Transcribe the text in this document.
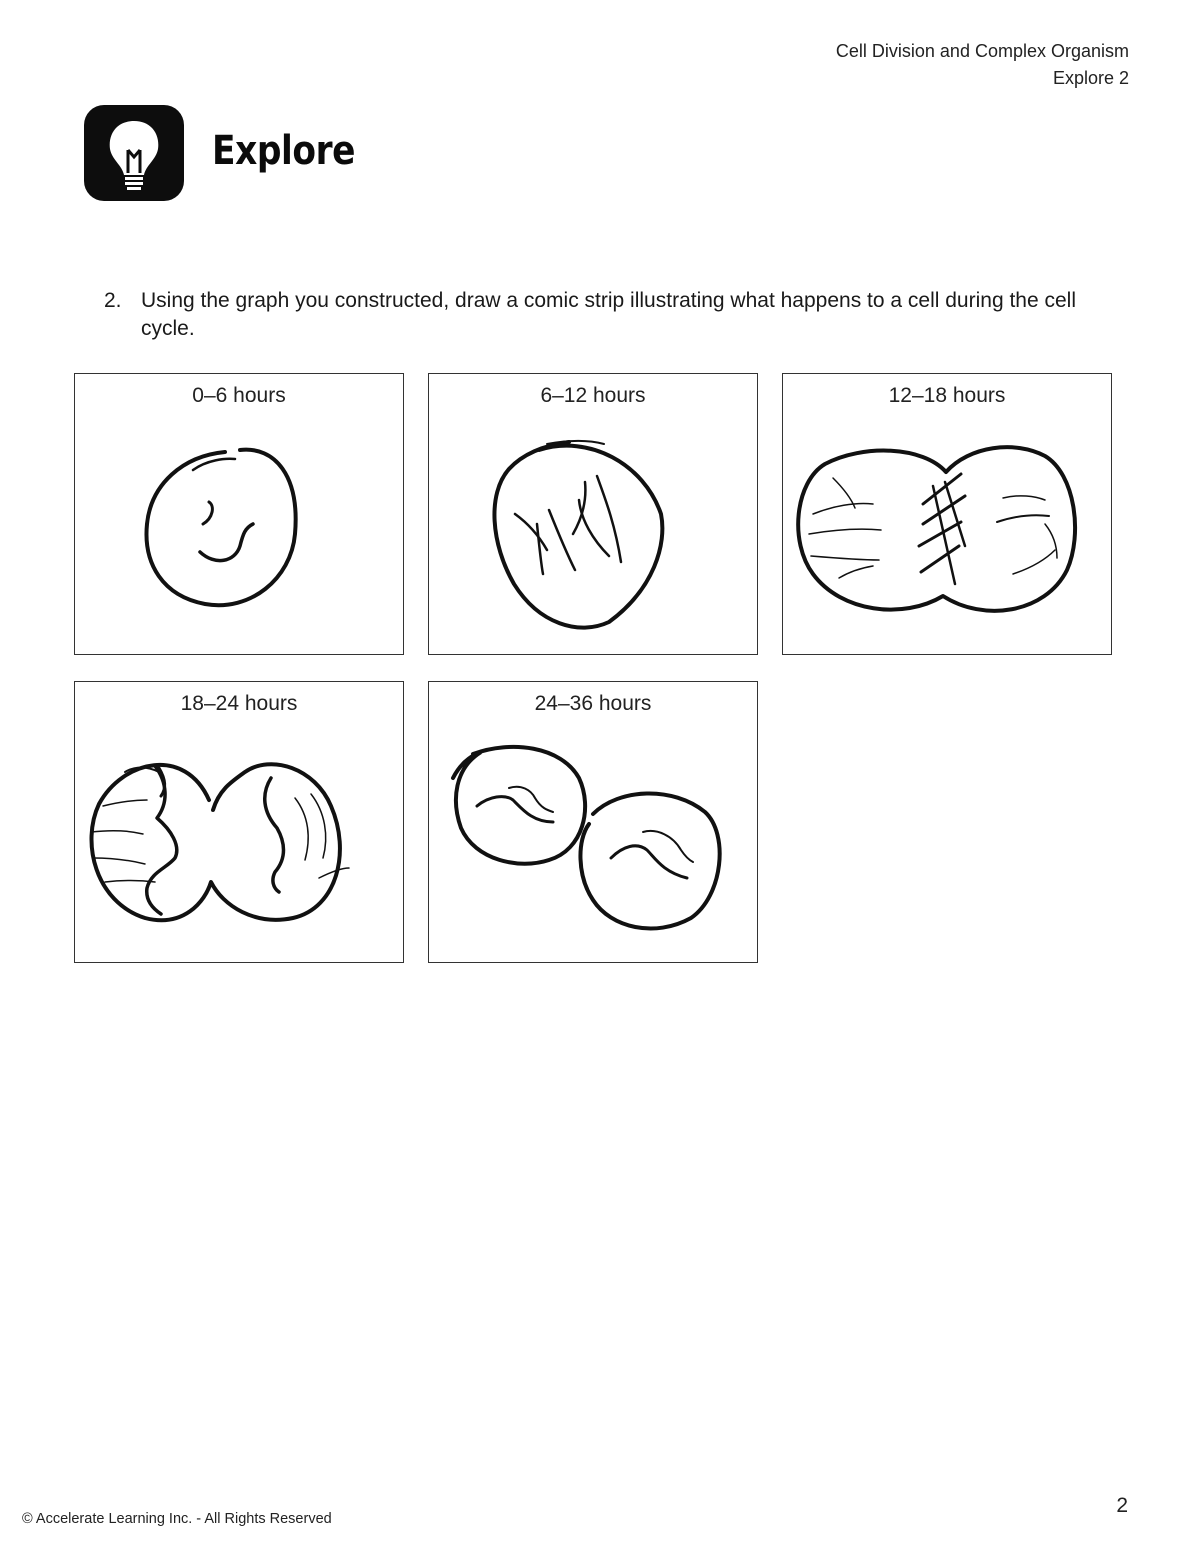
Cell Division and Complex Organism
Explore 2
Explore
2. Using the graph you constructed, draw a comic strip illustrating what happens to a cell during the cell cycle.
0–6 hours	6–12 hours	12–18 hours
18–24 hours	24–36 hours
© Accelerate Learning Inc. - All Rights Reserved
2
